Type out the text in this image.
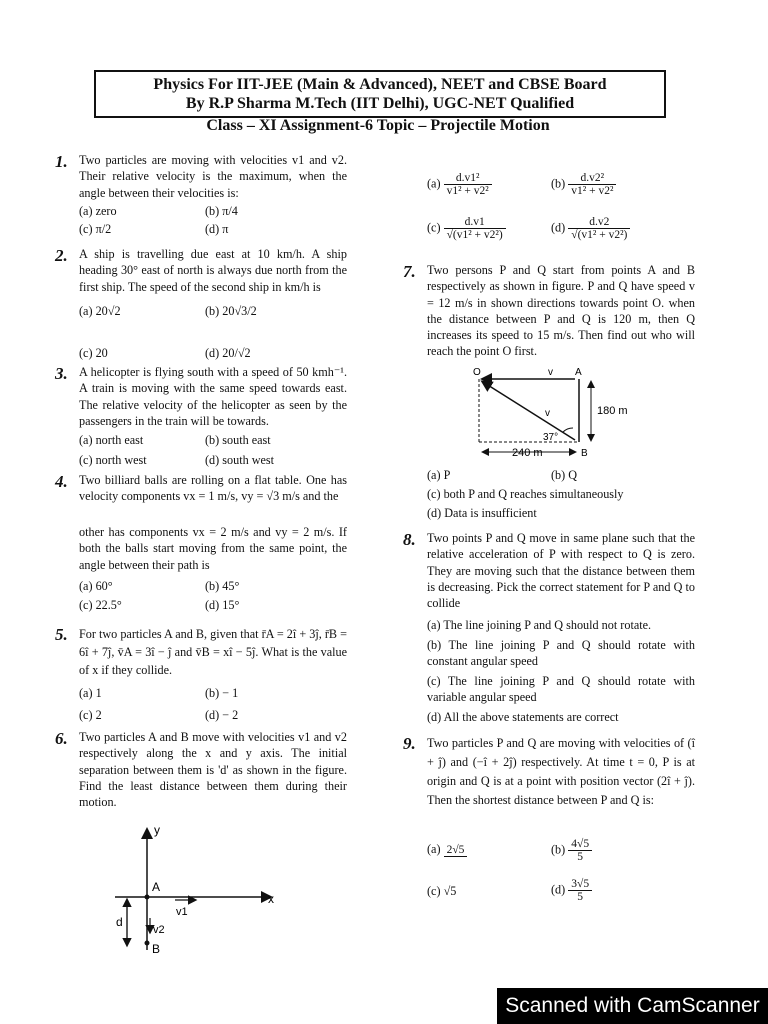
Physics For IIT-JEE (Main & Advanced), NEET and CBSE Board
By R.P Sharma M.Tech (IIT Delhi), UGC-NET Qualified
Class – XI Assignment-6 Topic – Projectile Motion
1. Two particles are moving with velocities v1 and v2. Their relative velocity is the maximum, when the angle between their velocities is:
(a) zero	(b) π/4
(c) π/2	(d) π
2. A ship is travelling due east at 10 km/h. A ship heading 30° east of north is always due north from the first ship. The speed of the second ship in km/h is
(a) 20√2	(b) 20√3/2
(c) 20	(d) 20/√2
3. A helicopter is flying south with a speed of 50 kmh⁻¹. A train is moving with the same speed towards east. The relative velocity of the helicopter as seen by the passengers in the train will be towards.
(a) north east	(b) south east
(c) north west	(d) south west
4. Two billiard balls are rolling on a flat table. One has velocity components vx = 1 m/s, vy = √3 m/s and the
other has components vx = 2 m/s and vy = 2 m/s. If both the balls start moving from the same point, the angle between their path is
(a) 60°	(b) 45°
(c) 22.5°	(d) 15°
5. For two particles A and B, given that r̄A = 2î + 3ĵ, r̄B = 6î + 7ĵ, v̄A = 3î − ĵ and v̄B = xî − 5ĵ. What is the value of x if they collide.
(a) 1	(b) − 1
(c) 2	(d) − 2
6. Two particles A and B move with velocities v1 and v2 respectively along the x and y axis. The initial separation between them is 'd' as shown in the figure. Find the least distance between them during their motion.
y
x
A
B
d
v1
v2
$(a) \frac{\text{d.v1²}}{\text{v1² + v2²}}$	$(b) \frac{\text{d.v2²}}{\text{v1² + v2²}}$
$(c) \frac{d.v1}{\text{√(v1² + v2²)}}$	$(d) \frac{d.v2}{\text{√(v1² + v2²)}}$
7. Two persons P and Q start from points A and B respectively as shown in figure. P and Q have speed v = 12 m/s in shown directions towards point O. when the distance between P and Q is 120 m, then Q increases its speed to 15 m/s. Then find out who will reach the point O first.
O	A
B
v
v	180 m
240 m
37°
(a) P	(b) Q
(c) both P and Q reaches simultaneously
(d) Data is insufficient
8. Two points P and Q move in same plane such that the relative acceleration of P with respect to Q is zero. They are moving such that the distance between them is decreasing. Pick the correct statement for P and Q to collide
(a) The line joining P and Q should not rotate.
(b) The line joining P and Q should rotate with constant angular speed
(c) The line joining P and Q should rotate with variable angular speed
(d) All the above statements are correct
9. Two particles P and Q are moving with velocities of (î + ĵ) and (−î + 2ĵ) respectively. At time t = 0, P is at origin and Q is at a point with position vector (2î + ĵ). Then the shortest distance between P and Q is:
(a) 2√5	$(b) \frac{4√5}{5}$
(c) √5	$(d) \frac{3√5}{5}$
Scanned with CamScanner
